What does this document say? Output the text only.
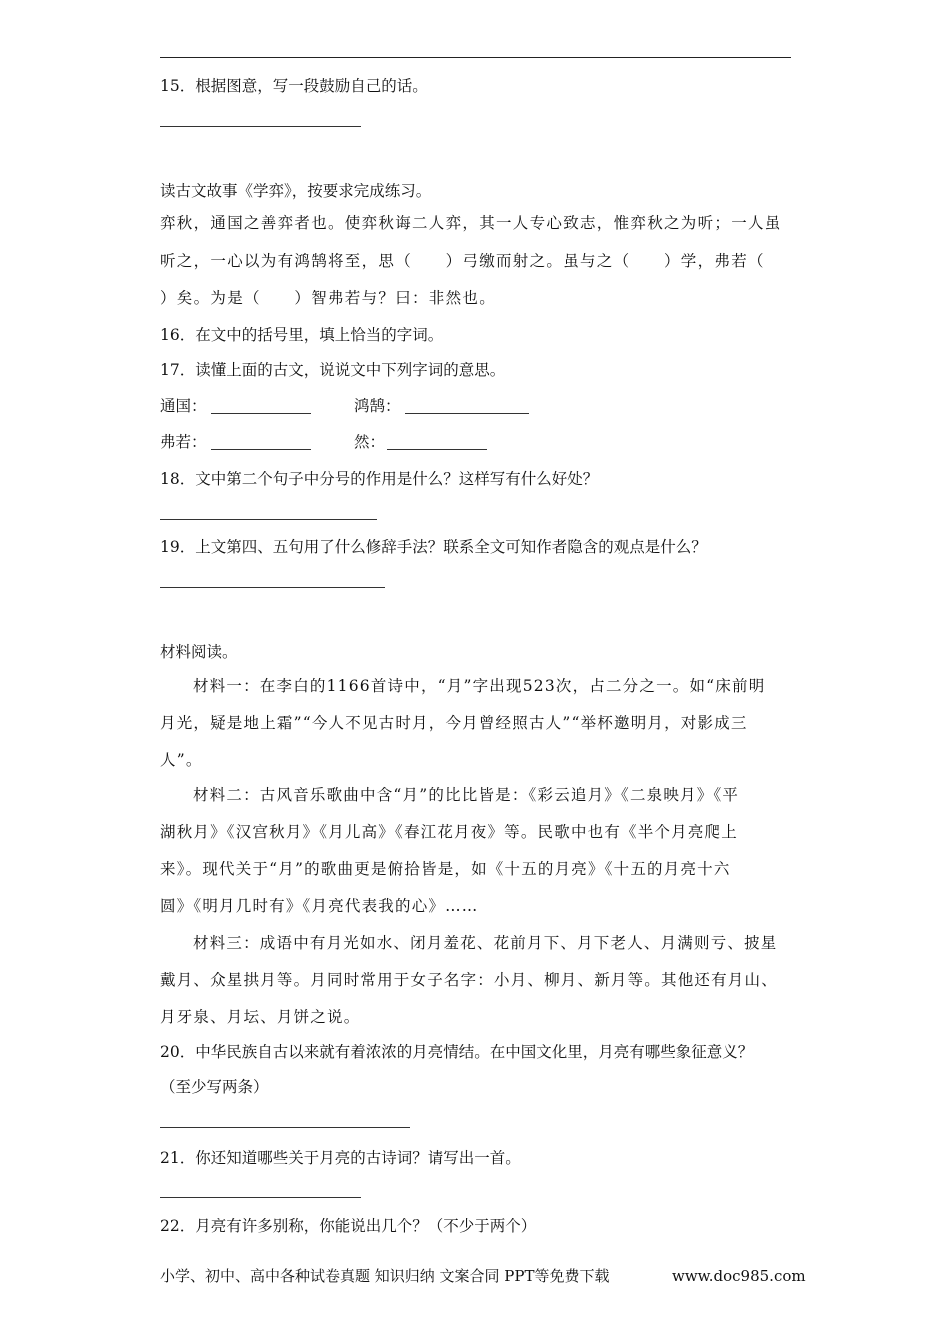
15．根据图意，写一段鼓励自己的话。
读古文故事《学弈》，按要求完成练习。
弈秋，通国之善弈者也。使弈秋诲二人弈，其一人专心致志，惟弈秋之为听；一人虽
听之，一心以为有鸿鹄将至，思（　　）弓缴而射之。虽与之（　　）学，弗若（
）矣。为是（　　）智弗若与？曰：非然也。
16．在文中的括号里，填上恰当的字词。
17．读懂上面的古文，说说文中下列字词的意思。
通国：	鸿鹄：
弗若：	然：
18．文中第二个句子中分号的作用是什么？这样写有什么好处？
19．上文第四、五句用了什么修辞手法？联系全文可知作者隐含的观点是什么？
材料阅读。
材料一：在李白的1166首诗中，“月”字出现523次，占二分之一。如“床前明
月光，疑是地上霜”“今人不见古时月，今月曾经照古人”“举杯邀明月，对影成三
人”。
材料二：古风音乐歌曲中含“月”的比比皆是：《彩云追月》《二泉映月》《平
湖秋月》《汉宫秋月》《月儿高》《春江花月夜》等。民歌中也有《半个月亮爬上
来》。现代关于“月”的歌曲更是俯拾皆是，如《十五的月亮》《十五的月亮十六
圆》《明月几时有》《月亮代表我的心》……
材料三：成语中有月光如水、闭月羞花、花前月下、月下老人、月满则亏、披星
戴月、众星拱月等。月同时常用于女子名字：小月、柳月、新月等。其他还有月山、
月牙泉、月坛、月饼之说。
20．中华民族自古以来就有着浓浓的月亮情结。在中国文化里，月亮有哪些象征意义？
（至少写两条）
21．你还知道哪些关于月亮的古诗词？请写出一首。
22．月亮有许多别称，你能说出几个？（不少于两个）
小学、初中、高中各种试卷真题 知识归纳 文案合同 PPT等免费下载	www.doc985.com
